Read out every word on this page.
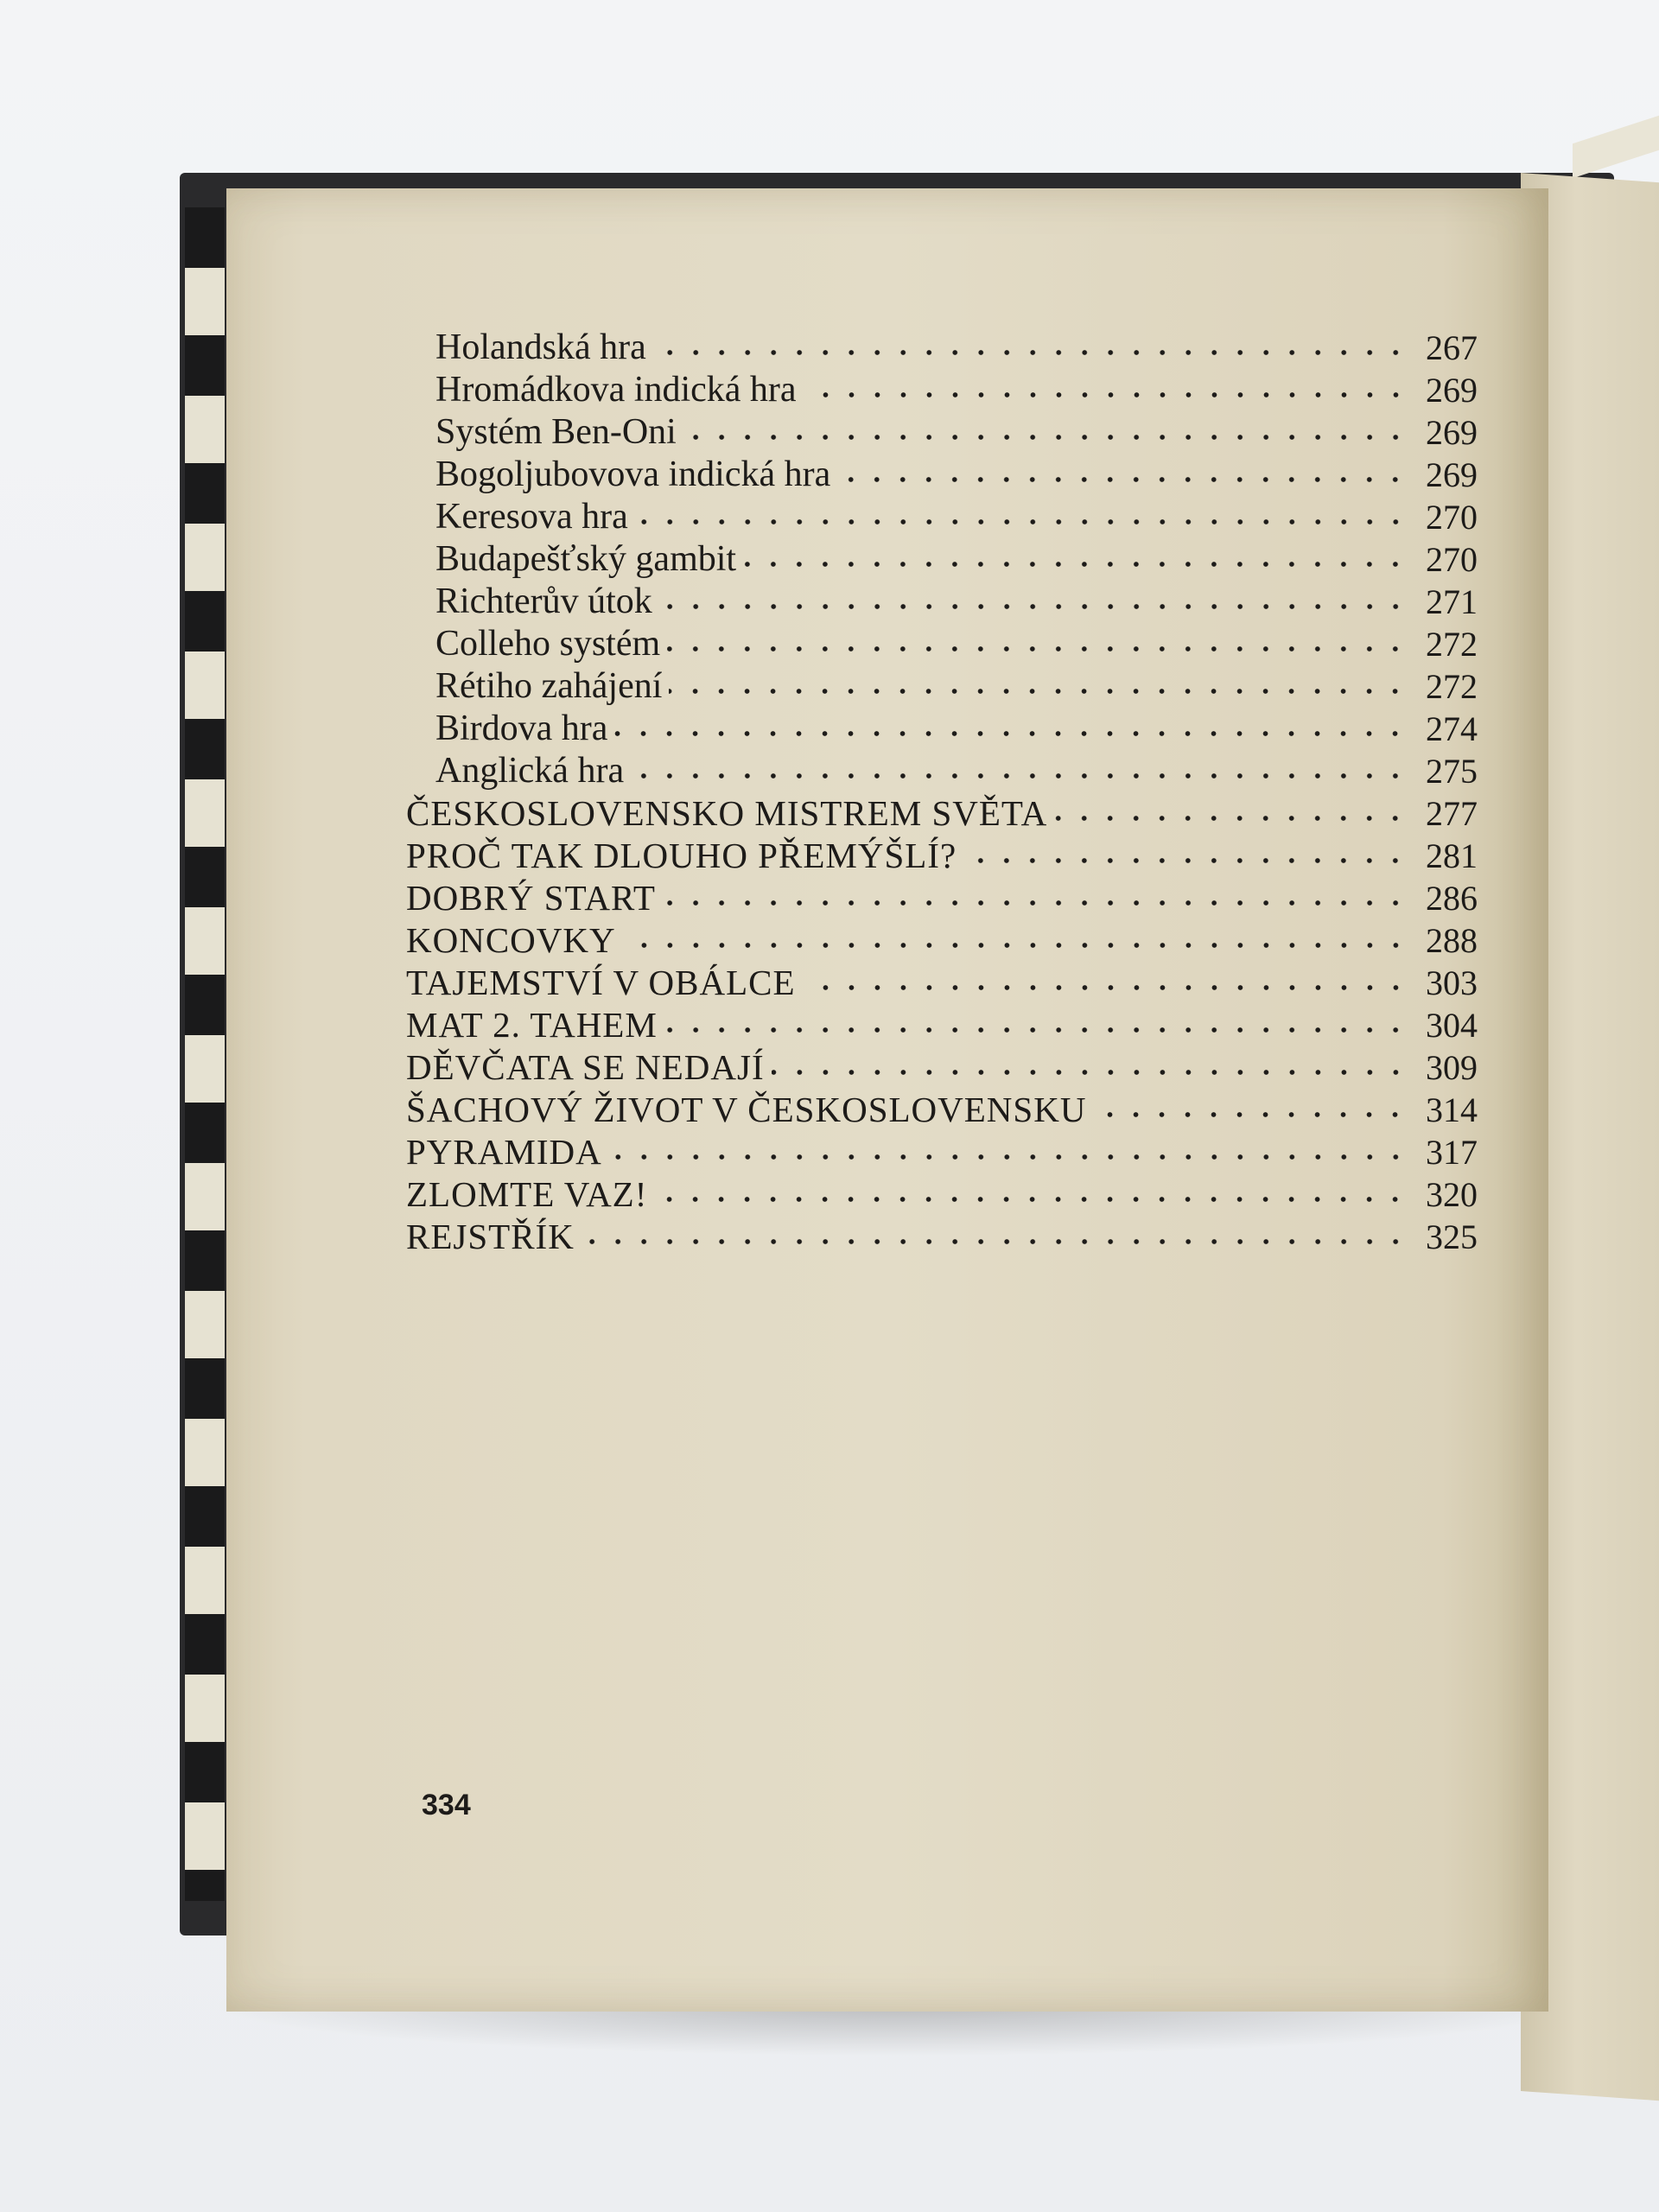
Holandská hra	267
Hromádkova indická hra	269
Systém Ben-Oni	269
Bogoljubovova indická hra	269
Keresova hra	270
Budapešťský gambit	270
Richterův útok	271
Colleho systém	272
Rétiho zahájení	272
Birdova hra	274
Anglická hra	275
ČESKOSLOVENSKO MISTREM SVĚTA	277
PROČ TAK DLOUHO PŘEMÝŠLÍ?	281
DOBRÝ START	286
KONCOVKY	288
TAJEMSTVÍ V OBÁLCE	303
MAT 2. TAHEM	304
DĚVČATA SE NEDAJÍ	309
ŠACHOVÝ ŽIVOT V ČESKOSLOVENSKU	314
PYRAMIDA	317
ZLOMTE VAZ!	320
REJSTŘÍK	325
334
